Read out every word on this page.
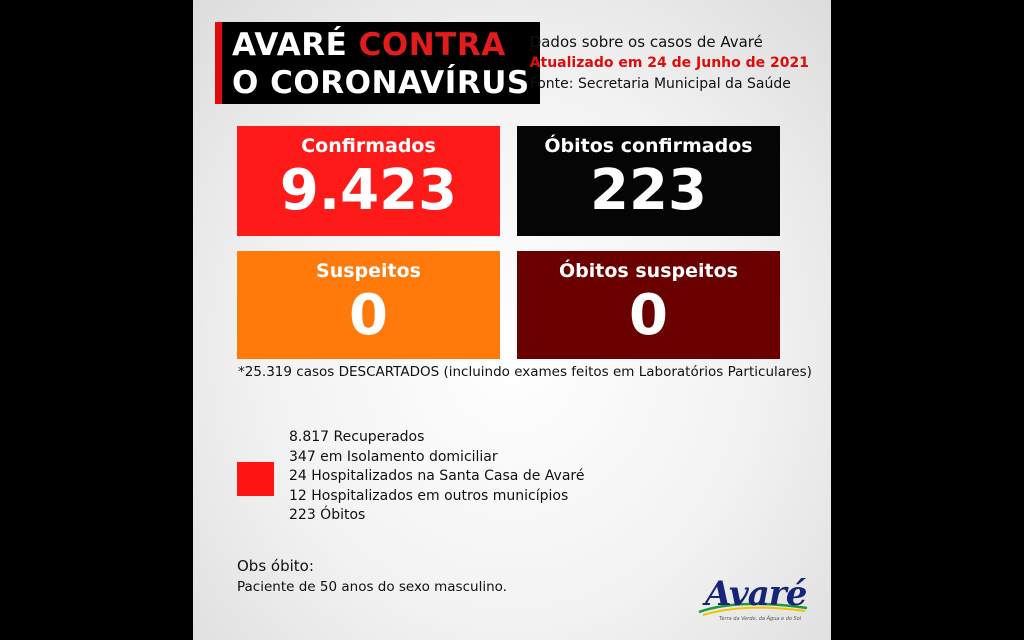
AVARÉ CONTRA
O CORONAVÍRUS
Dados sobre os casos de Avaré
Atualizado em 24 de Junho de 2021
Fonte: Secretaria Municipal da Saúde
Confirmados
9.423
Óbitos confirmados
223
Suspeitos
0
Óbitos suspeitos
0
*25.319 casos DESCARTADOS (incluindo exames feitos em Laboratórios Particulares)
8.817 Recuperados
347 em Isolamento domiciliar
24 Hospitalizados na Santa Casa de Avaré
12 Hospitalizados em outros municípios
223 Óbitos
Obs óbito:
Paciente de 50 anos do sexo masculino.	Avaré
Terra da Verde, da Água e do Sol
